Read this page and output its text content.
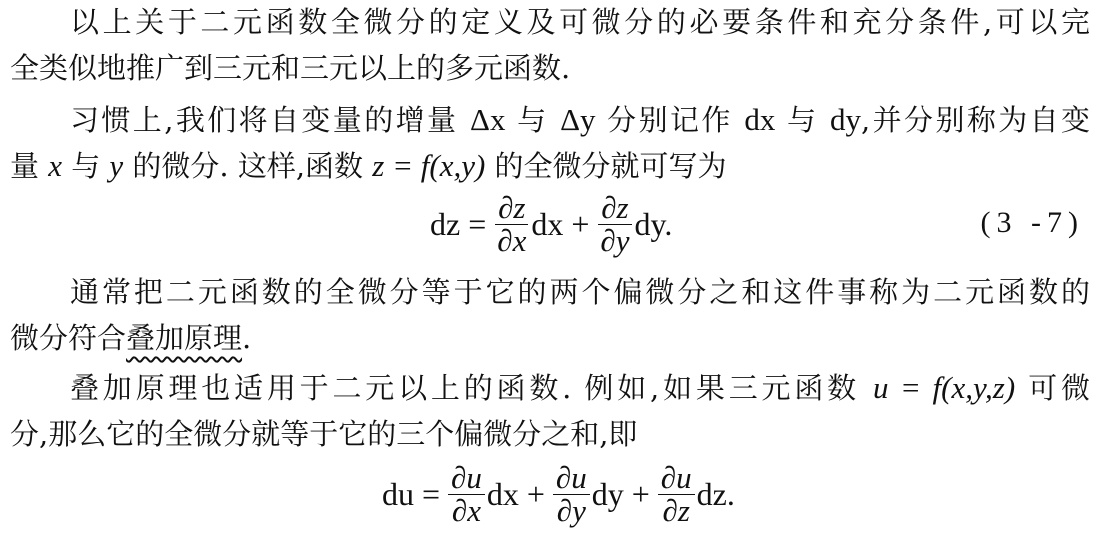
以上关于二元函数全微分的定义及可微分的必要条件和充分条件,可以完
全类似地推广到三元和三元以上的多元函数.
习惯上,我们将自变量的增量 Δx 与 Δy 分别记作 dx 与 dy,并分别称为自变
量 x 与 y 的微分. 这样,函数 z = f(x,y) 的全微分就可写为
dz = $\frac{\partial z}{\partial x}$ dx + $\frac{\partial z}{\partial y}$ dy.	(3 -7)
通常把二元函数的全微分等于它的两个偏微分之和这件事称为二元函数的
微分符合叠加原理.
叠加原理也适用于二元以上的函数. 例如,如果三元函数 u = f(x,y,z) 可微
分,那么它的全微分就等于它的三个偏微分之和,即
du = $\frac{\partial u}{\partial x}$ dx + $\frac{\partial u}{\partial y}$ dy + $\frac{\partial u}{\partial z}$ dz.
